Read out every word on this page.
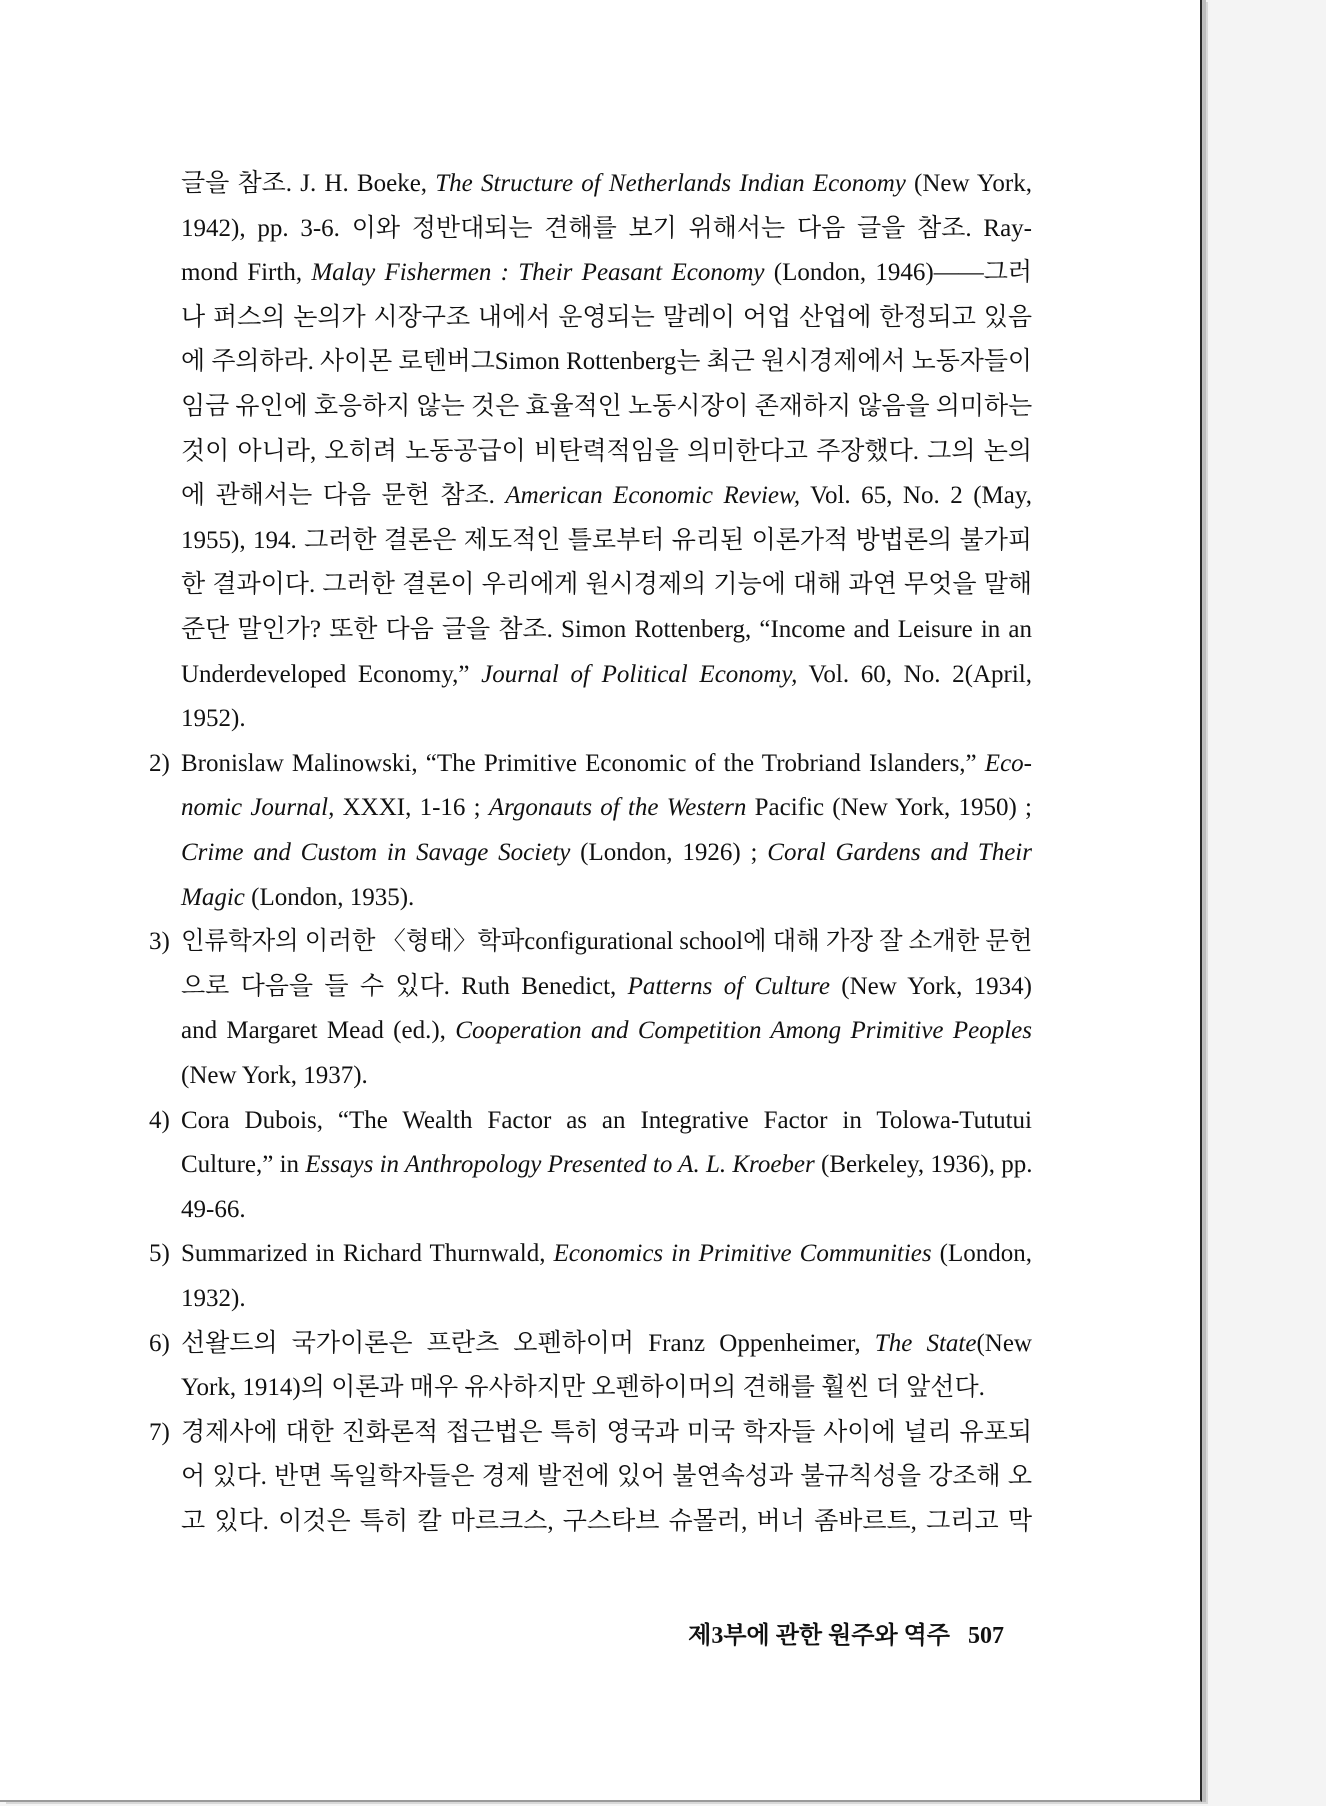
글을 참조. J. H. Boeke, The Structure of Netherlands Indian Economy (New York,
1942), pp. 3-6. 이와 정반대되는 견해를 보기 위해서는 다음 글을 참조. Ray-
mond Firth, Malay Fishermen : Their Peasant Economy (London, 1946)——그러
나 퍼스의 논의가 시장구조 내에서 운영되는 말레이 어업 산업에 한정되고 있음
에 주의하라. 사이몬 로텐버그Simon Rottenberg는 최근 원시경제에서 노동자들이
임금 유인에 호응하지 않는 것은 효율적인 노동시장이 존재하지 않음을 의미하는
것이 아니라, 오히려 노동공급이 비탄력적임을 의미한다고 주장했다. 그의 논의
에 관해서는 다음 문헌 참조. American Economic Review, Vol. 65, No. 2 (May,
1955), 194. 그러한 결론은 제도적인 틀로부터 유리된 이론가적 방법론의 불가피
한 결과이다. 그러한 결론이 우리에게 원시경제의 기능에 대해 과연 무엇을 말해
준단 말인가? 또한 다음 글을 참조. Simon Rottenberg, “Income and Leisure in an
Underdeveloped Economy,” Journal of Political Economy, Vol. 60, No. 2(April,
1952).
2) Bronislaw Malinowski, “The Primitive Economic of the Trobriand Islanders,” Eco-
nomic Journal, XXXI, 1-16 ; Argonauts of the Western Pacific (New York, 1950) ;
Crime and Custom in Savage Society (London, 1926) ; Coral Gardens and Their
Magic (London, 1935).
3) 인류학자의 이러한 〈형태〉학파configurational school에 대해 가장 잘 소개한 문헌
으로 다음을 들 수 있다. Ruth Benedict, Patterns of Culture (New York, 1934)
and Margaret Mead (ed.), Cooperation and Competition Among Primitive Peoples
(New York, 1937).
4) Cora Dubois, “The Wealth Factor as an Integrative Factor in Tolowa-Tututui
Culture,” in Essays in Anthropology Presented to A. L. Kroeber (Berkeley, 1936), pp.
49-66.
5) Summarized in Richard Thurnwald, Economics in Primitive Communities (London,
1932).
6) 선왈드의 국가이론은 프란츠 오펜하이머 Franz Oppenheimer, The State(New
York, 1914)의 이론과 매우 유사하지만 오펜하이머의 견해를 훨씬 더 앞선다.
7) 경제사에 대한 진화론적 접근법은 특히 영국과 미국 학자들 사이에 널리 유포되
어 있다. 반면 독일학자들은 경제 발전에 있어 불연속성과 불규칙성을 강조해 오
고 있다. 이것은 특히 칼 마르크스, 구스타브 슈몰러, 버너 좀바르트, 그리고 막
제3부에 관한 원주와 역주 507
